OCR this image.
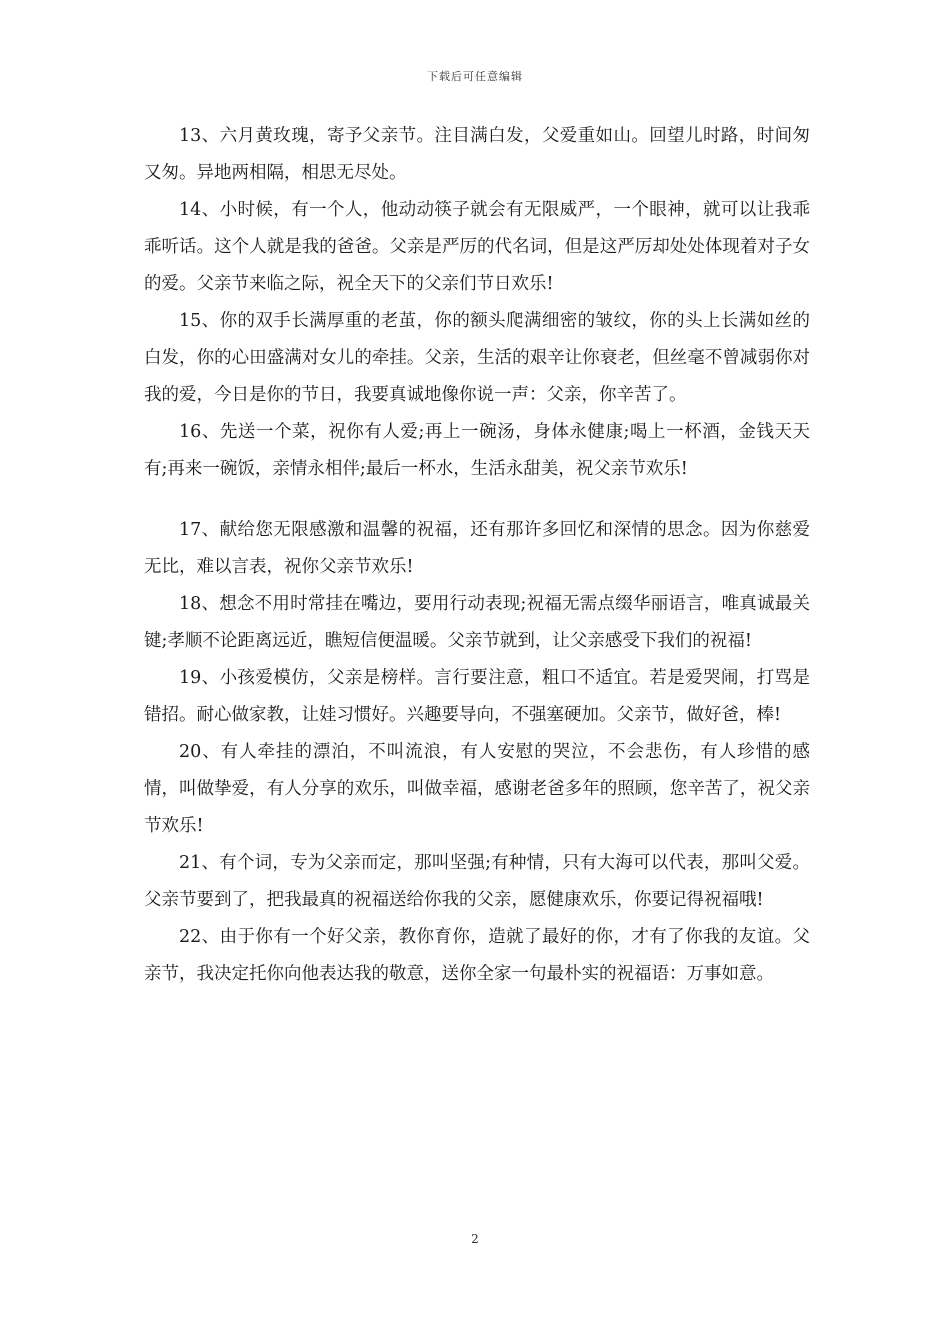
下载后可任意编辑

13、六月黄玫瑰，寄予父亲节。注目满白发，父爱重如山。回望儿时路，时间匆又匆。异地两相隔，相思无尽处。

14、小时候，有一个人，他动动筷子就会有无限威严，一个眼神，就可以让我乖乖听话。这个人就是我的爸爸。父亲是严厉的代名词，但是这严厉却处处体现着对子女的爱。父亲节来临之际，祝全天下的父亲们节日欢乐!

15、你的双手长满厚重的老茧，你的额头爬满细密的皱纹，你的头上长满如丝的白发，你的心田盛满对女儿的牵挂。父亲，生活的艰辛让你衰老，但丝毫不曾减弱你对我的爱，今日是你的节日，我要真诚地像你说一声：父亲，你辛苦了。

16、先送一个菜，祝你有人爱;再上一碗汤，身体永健康;喝上一杯酒，金钱天天有;再来一碗饭，亲情永相伴;最后一杯水，生活永甜美，祝父亲节欢乐!

17、献给您无限感激和温馨的祝福，还有那许多回忆和深情的思念。因为你慈爱无比，难以言表，祝你父亲节欢乐!

18、想念不用时常挂在嘴边，要用行动表现;祝福无需点缀华丽语言，唯真诚最关键;孝顺不论距离远近，瞧短信便温暖。父亲节就到，让父亲感受下我们的祝福!

19、小孩爱模仿，父亲是榜样。言行要注意，粗口不适宜。若是爱哭闹，打骂是错招。耐心做家教，让娃习惯好。兴趣要导向，不强塞硬加。父亲节，做好爸，棒!

20、有人牵挂的漂泊，不叫流浪，有人安慰的哭泣，不会悲伤，有人珍惜的感情，叫做挚爱，有人分享的欢乐，叫做幸福，感谢老爸多年的照顾，您辛苦了，祝父亲节欢乐!

21、有个词，专为父亲而定，那叫坚强;有种情，只有大海可以代表，那叫父爱。父亲节要到了，把我最真的祝福送给你我的父亲，愿健康欢乐，你要记得祝福哦!

22、由于你有一个好父亲，教你育你，造就了最好的你，才有了你我的友谊。父亲节，我决定托你向他表达我的敬意，送你全家一句最朴实的祝福语：万事如意。

2
